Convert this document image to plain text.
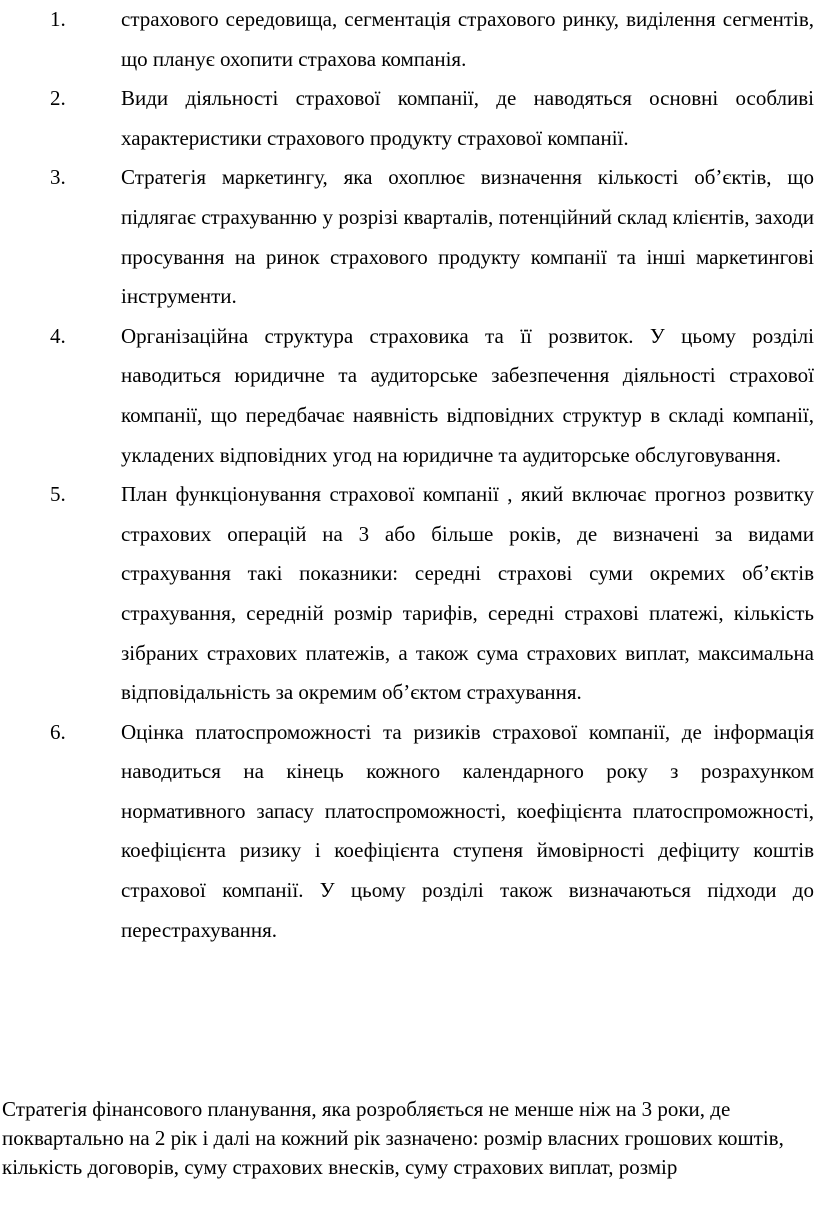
1.	страхового середовища, сегментація страхового ринку, виділення сегментів, що планує охопити страхова компанія.

2.	Види діяльності страхової компанії, де наводяться основні особливі характеристики страхового продукту страхової компанії.

3.	Стратегія маркетингу, яка охоплює визначення кількості об’єктів, що підлягає страхуванню у розрізі кварталів, потенційний склад клієнтів, заходи просування на ринок страхового продукту компанії та інші маркетингові інструменти.

4.	Організаційна структура страховика та її розвиток. У цьому розділі наводиться юридичне та аудиторське забезпечення діяльності страхової компанії, що передбачає наявність відповідних структур в складі компанії, укладених відповідних угод на юридичне та аудиторське обслуговування.

5.	План функціонування страхової компанії , який включає прогноз розвитку страхових операцій на 3 або більше років, де визначені за видами страхування такі показники: середні страхові суми окремих об’єктів страхування, середній розмір тарифів, середні страхові платежі, кількість зібраних страхових платежів, а також сума страхових виплат, максимальна відповідальність за окремим об’єктом страхування.

6.	Оцінка платоспроможності та ризиків страхової компанії, де інформація наводиться на кінець кожного календарного року з розрахунком нормативного запасу платоспроможності, коефіцієнта платоспроможності, коефіцієнта ризику і коефіцієнта ступеня ймовірності дефіциту коштів страхової компанії. У цьому розділі також визначаються підходи до перестрахування.

Стратегія фінансового планування, яка розробляється не менше ніж на 3 роки, де поквартально на 2 рік і далі на кожний рік зазначено: розмір власних грошових коштів, кількість договорів, суму страхових внесків, суму страхових виплат, розмір
